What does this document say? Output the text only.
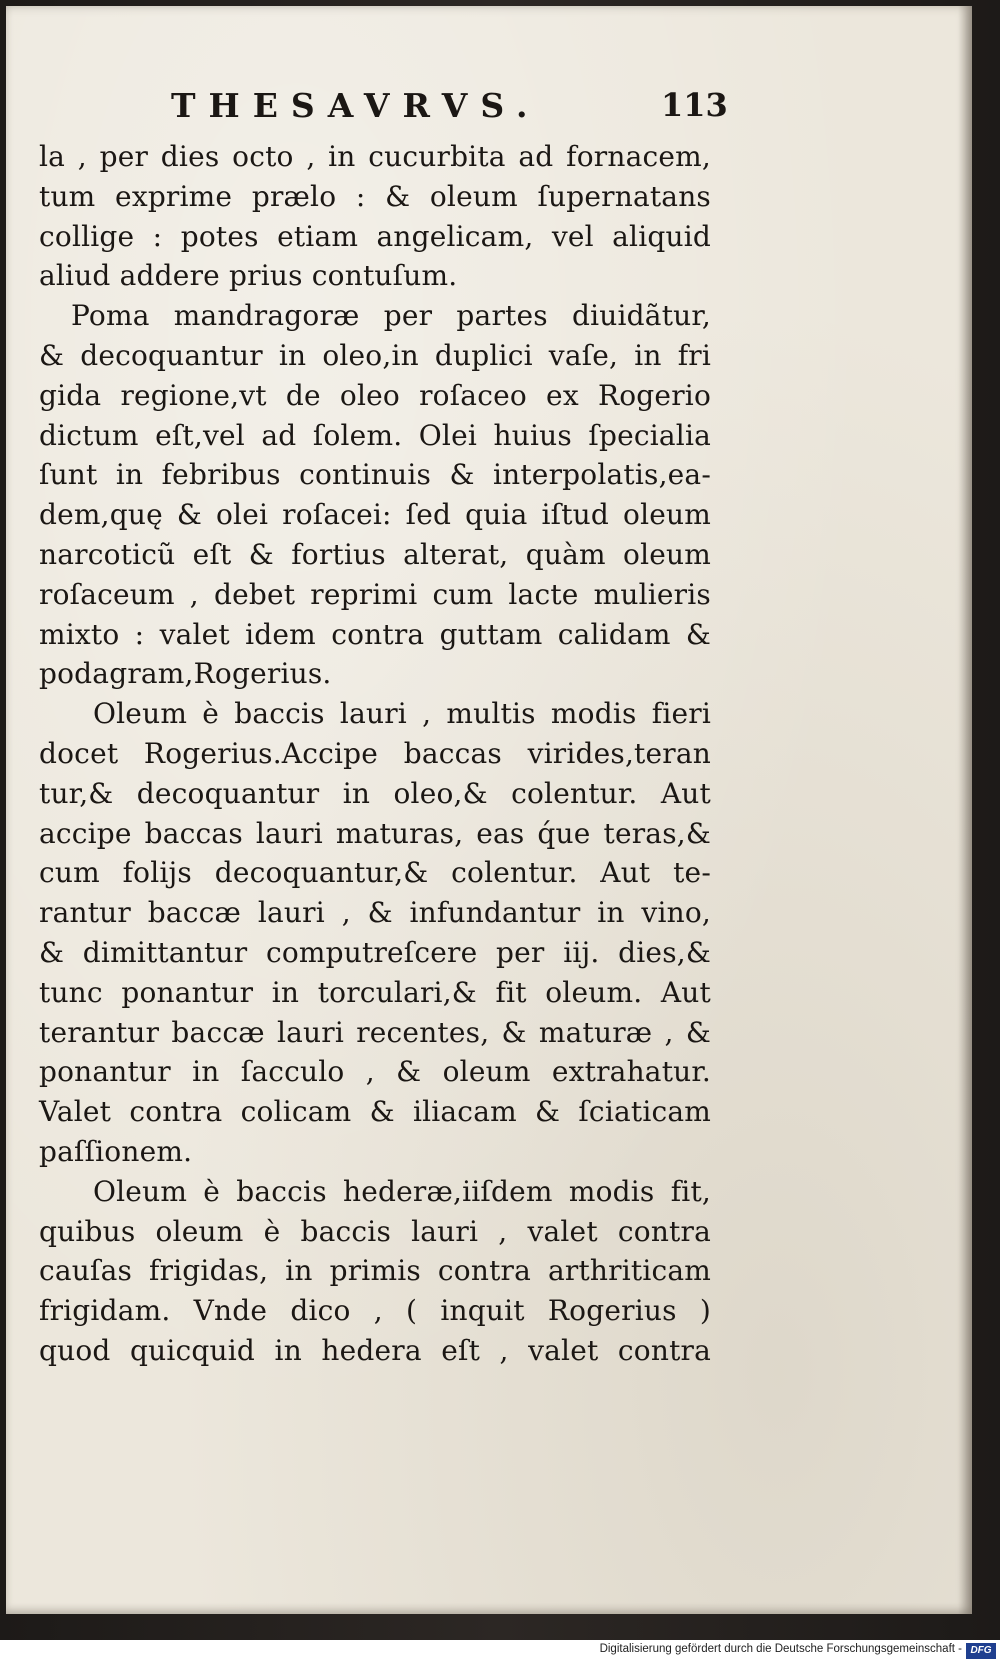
THESAVRVS.	113
la , per dies octo , in cucurbita ad fornacem,
tum exprime prælo : & oleum ſupernatans
collige : potes etiam angelicam, vel aliquid
aliud addere prius contuſum.
Poma mandragoræ per partes diuidãtur,
& decoquantur in oleo,in duplici vaſe, in fri
gida regione,vt de oleo roſaceo ex Rogerio
dictum eſt,vel ad ſolem. Olei huius ſpecialia
ſunt in febribus continuis & interpolatis,ea-
dem,quę & olei roſacei: ſed quia iſtud oleum
narcoticũ eſt & fortius alterat, quàm oleum
roſaceum , debet reprimi cum lacte mulieris
mixto : valet idem contra guttam calidam &
podagram,Rogerius.
Oleum è baccis lauri , multis modis fieri
docet Rogerius.Accipe baccas virides,teran
tur,& decoquantur in oleo,& colentur. Aut
accipe baccas lauri maturas, eas q́ue teras,&
cum folijs decoquantur,& colentur. Aut te-
rantur baccæ lauri , & infundantur in vino,
& dimittantur computreſcere per iij. dies,&
tunc ponantur in torculari,& fit oleum. Aut
terantur baccæ lauri recentes, & maturæ , &
ponantur in ſacculo , & oleum extrahatur.
Valet contra colicam & iliacam & ſciaticam
paſſionem.
Oleum è baccis hederæ,iiſdem modis fit,
quibus oleum è baccis lauri , valet contra
cauſas frigidas, in primis contra arthriticam
frigidam. Vnde dico , ( inquit Rogerius )
quod quicquid in hedera eſt , valet contra
Digitalisierung gefördert durch die Deutsche Forschungsgemeinschaft - DFG
